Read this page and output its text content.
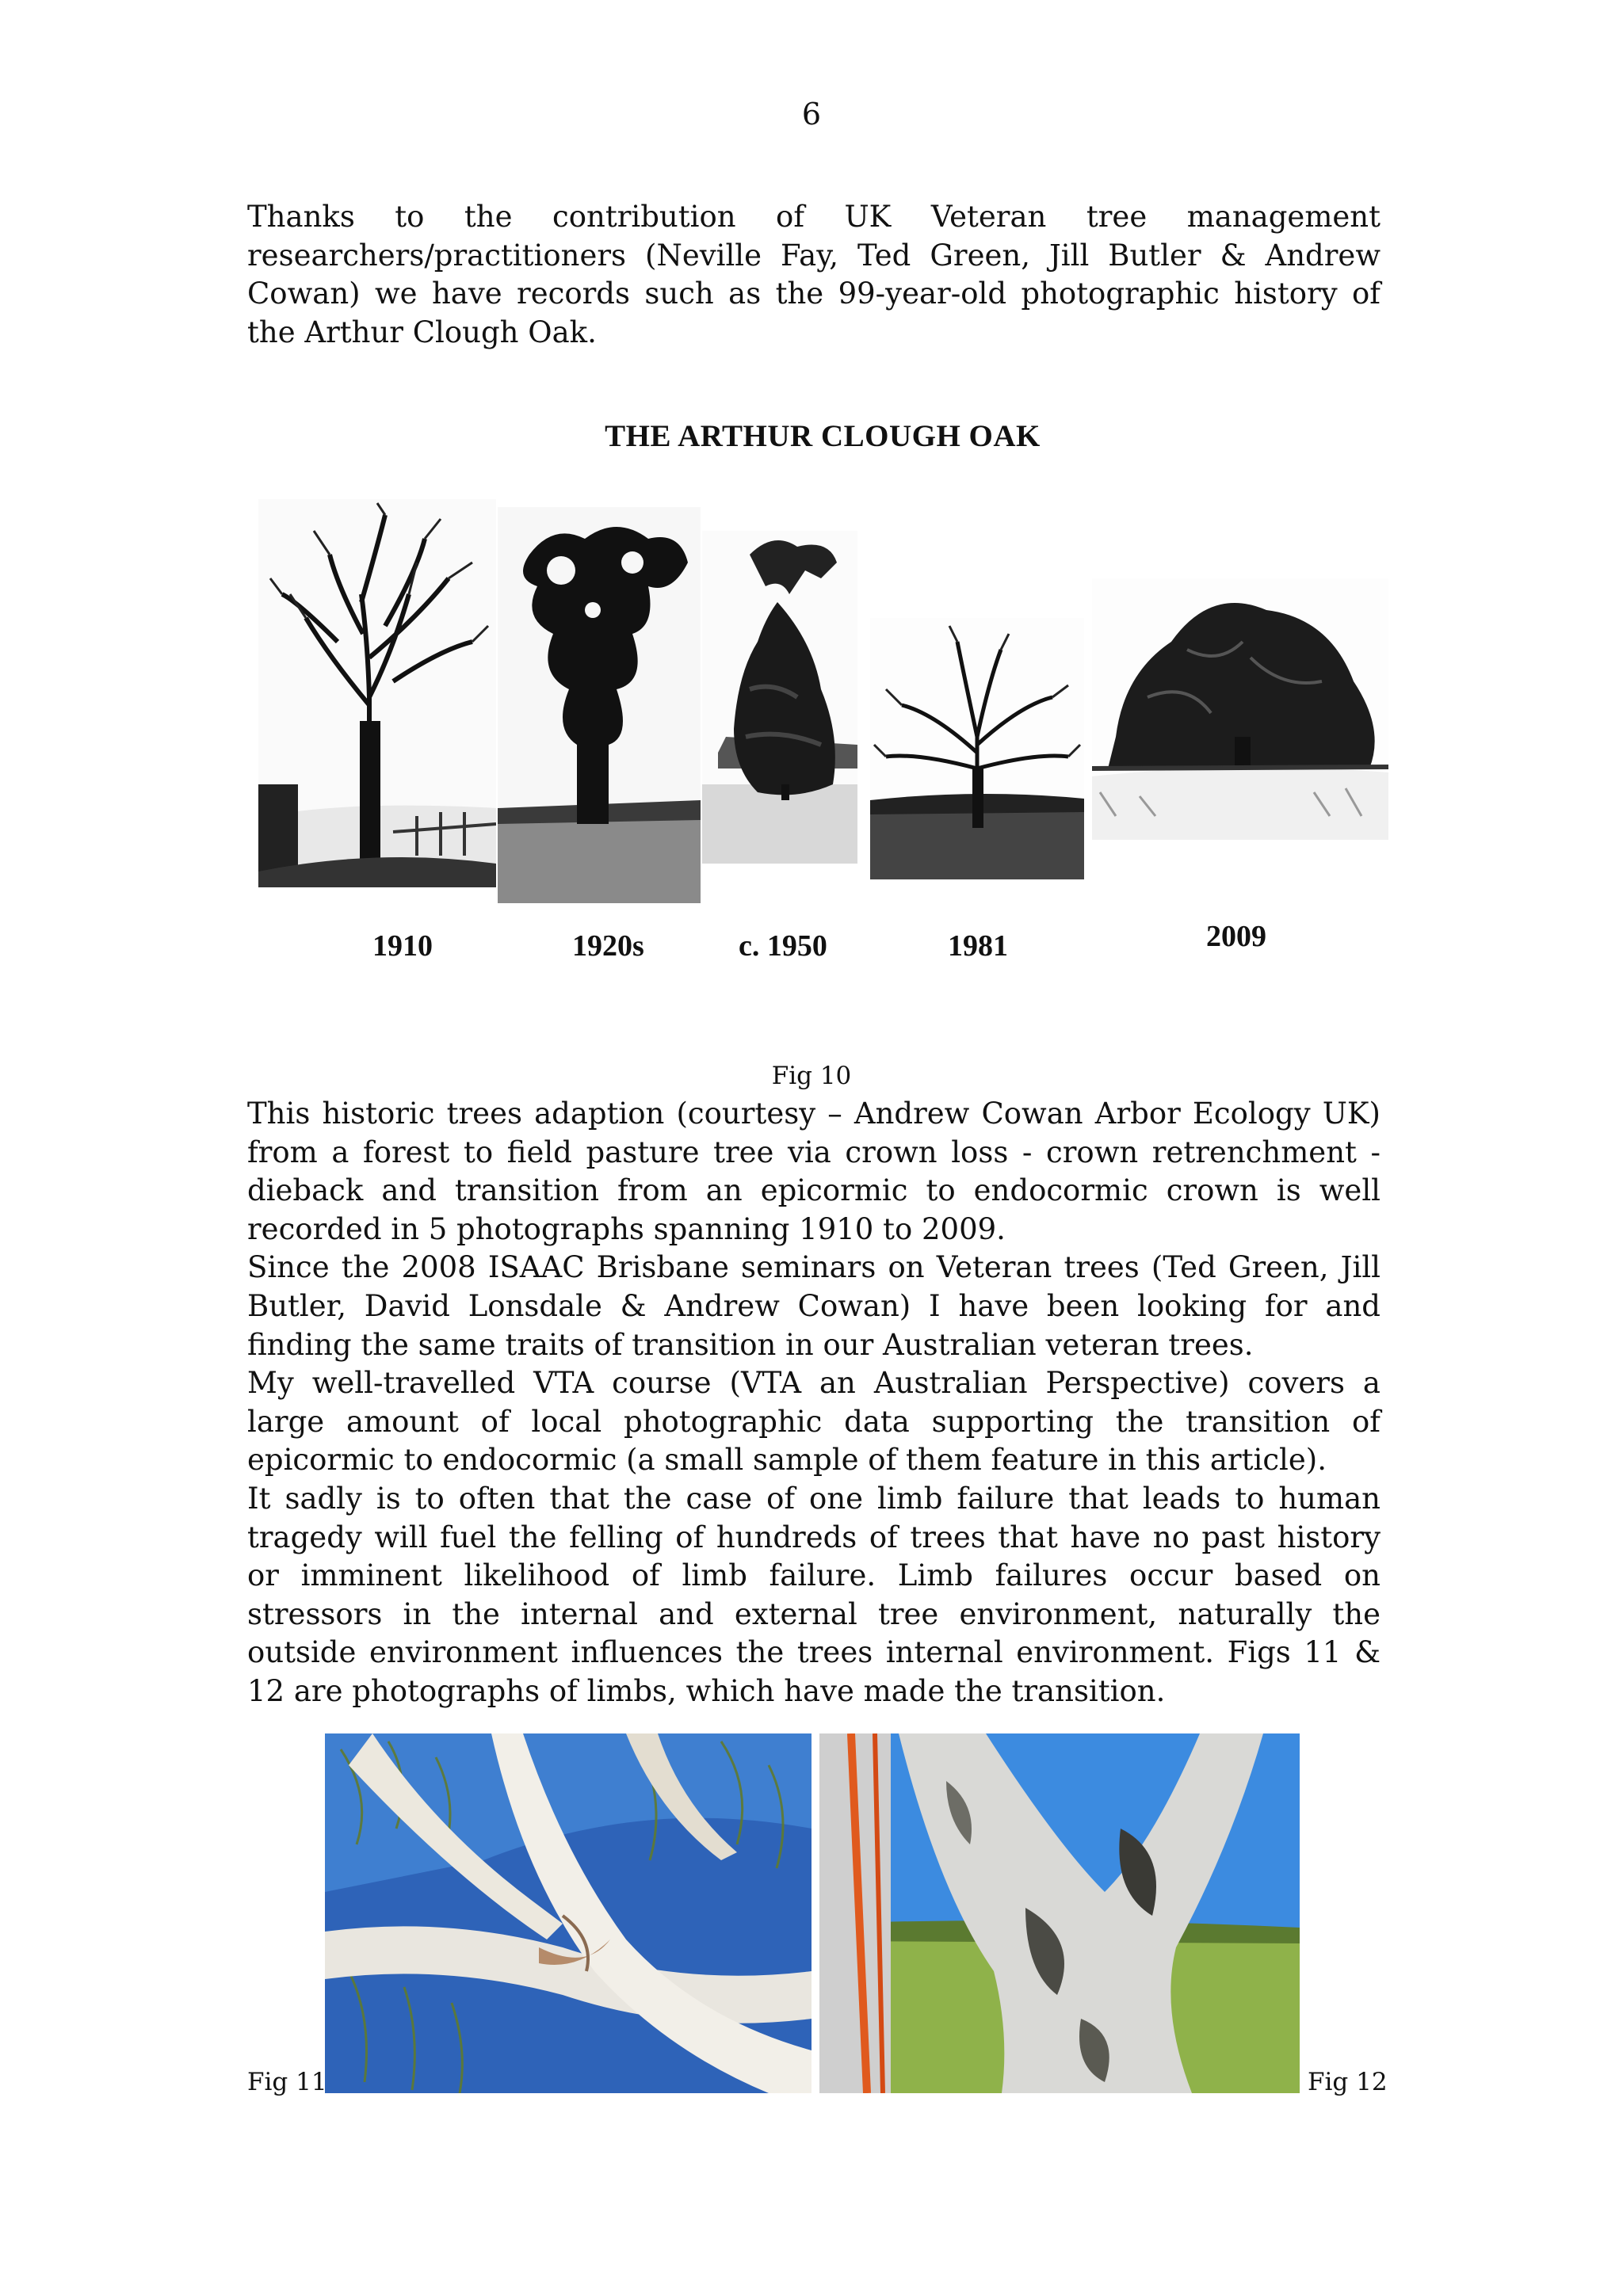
6

Thanks to the contribution of UK Veteran tree management researchers/practitioners (Neville Fay, Ted Green, Jill Butler & Andrew Cowan) we have records such as the 99-year-old photographic history of the Arthur Clough Oak.

THE ARTHUR CLOUGH OAK
1910	1920s	c. 1950	1981	2009
Fig 10
This historic trees adaption (courtesy – Andrew Cowan Arbor Ecology UK) from a forest to field pasture tree via crown loss - crown retrenchment - dieback and transition from an epicormic to endocormic crown is well recorded in 5 photographs spanning 1910 to 2009.
Since the 2008 ISAAC Brisbane seminars on Veteran trees (Ted Green, Jill Butler, David Lonsdale & Andrew Cowan) I have been looking for and finding the same traits of transition in our Australian veteran trees.
My well-travelled VTA course (VTA an Australian Perspective) covers a large amount of local photographic data supporting the transition of epicormic to endocormic (a small sample of them feature in this article).
It sadly is to often that the case of one limb failure that leads to human tragedy will fuel the felling of hundreds of trees that have no past history or imminent likelihood of limb failure. Limb failures occur based on stressors in the internal and external tree environment, naturally the outside environment influences the trees internal environment. Figs 11 & 12 are photographs of limbs, which have made the transition.
Fig 11	Fig 12
